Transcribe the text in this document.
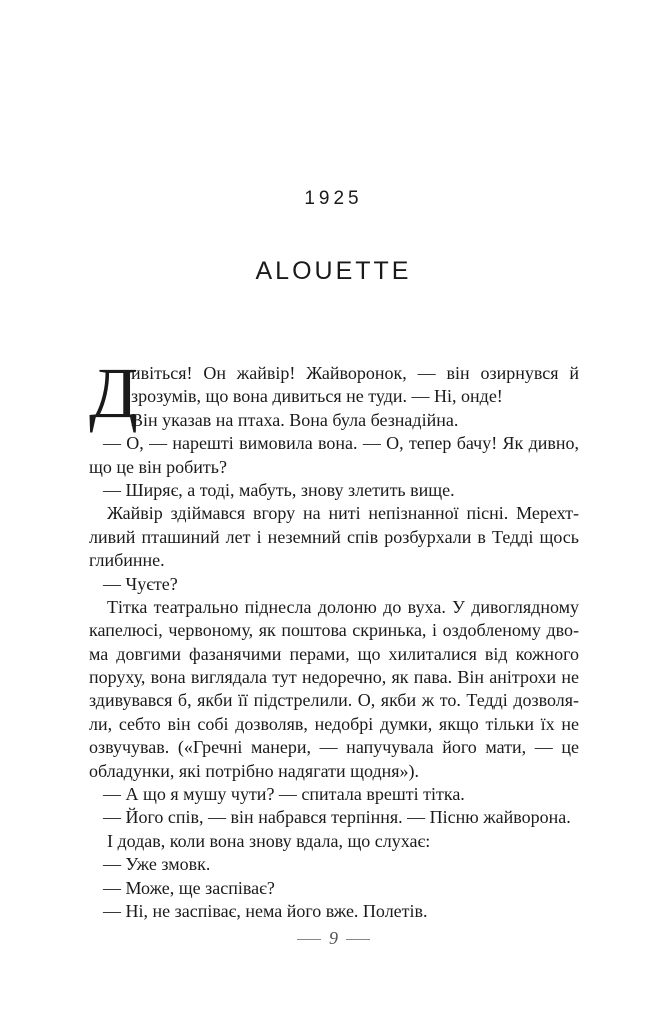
1925
ALOUETTE
Д
ивіться! Он жайвір! Жайворонок, — він озирнувся й
зрозумів, що вона дивиться не туди. — Ні, онде!
Він указав на птаха. Вона була безнадійна.
— О, — нарешті вимовила вона. — О, тепер бачу! Як дивно,
що це він робить?
— Ширяє, а тоді, мабуть, знову злетить вище.
Жайвір здіймався вгору на ниті непізнанної пісні. Мерехт-
ливий пташиний лет і неземний спів розбурхали в Тедді щось
глибинне.
— Чуєте?
Тітка театрально піднесла долоню до вуха. У дивоглядному
капелюсі, червоному, як поштова скринька, і оздобленому дво-
ма довгими фазанячими перами, що хилиталися від кожного
поруху, вона виглядала тут недоречно, як пава. Він анітрохи не
здивувався б, якби її підстрелили. О, якби ж то. Тедді дозволя-
ли, себто він собі дозволяв, недобрі думки, якщо тільки їх не
озвучував. («Гречні манери, — напучувала його мати, — це
обладунки, які потрібно надягати щодня»).
— А що я мушу чути? — спитала врешті тітка.
— Його спів, — він набрався терпіння. — Пісню жайворона.
І додав, коли вона знову вдала, що слухає:
— Уже змовк.
— Може, ще заспіває?
— Ні, не заспіває, нема його вже. Полетів.
9
